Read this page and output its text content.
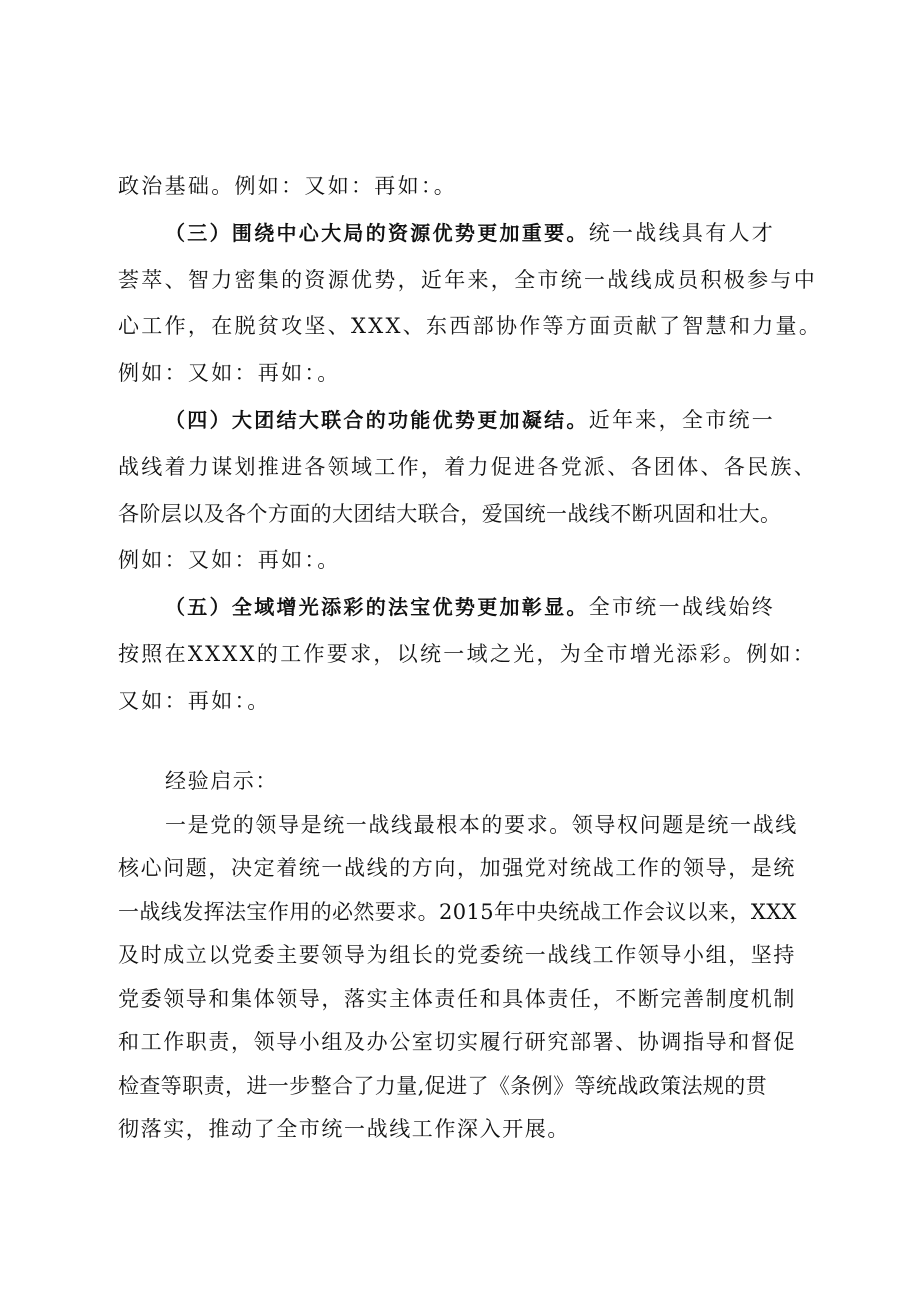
政治基础。例如：又如：再如：。
（三）围绕中心大局的资源优势更加重要。统一战线具有人才
荟萃、智力密集的资源优势，近年来，全市统一战线成员积极参与中
心工作，在脱贫攻坚、XXX、东西部协作等方面贡献了智慧和力量。
例如：又如：再如：。
（四）大团结大联合的功能优势更加凝结。近年来，全市统一
战线着力谋划推进各领域工作，着力促进各党派、各团体、各民族、
各阶层以及各个方面的大团结大联合，爱国统一战线不断巩固和壮大。
例如：又如：再如：。
（五）全域增光添彩的法宝优势更加彰显。全市统一战线始终
按照在XXXX的工作要求，以统一域之光，为全市增光添彩。例如：
又如：再如：。
经验启示：
一是党的领导是统一战线最根本的要求。领导权问题是统一战线
核心问题，决定着统一战线的方向，加强党对统战工作的领导，是统
一战线发挥法宝作用的必然要求。2015年中央统战工作会议以来，XXX
及时成立以党委主要领导为组长的党委统一战线工作领导小组，坚持
党委领导和集体领导，落实主体责任和具体责任，不断完善制度机制
和工作职责，领导小组及办公室切实履行研究部署、协调指导和督促
检查等职责，进一步整合了力量,促进了《条例》等统战政策法规的贯
彻落实，推动了全市统一战线工作深入开展。
